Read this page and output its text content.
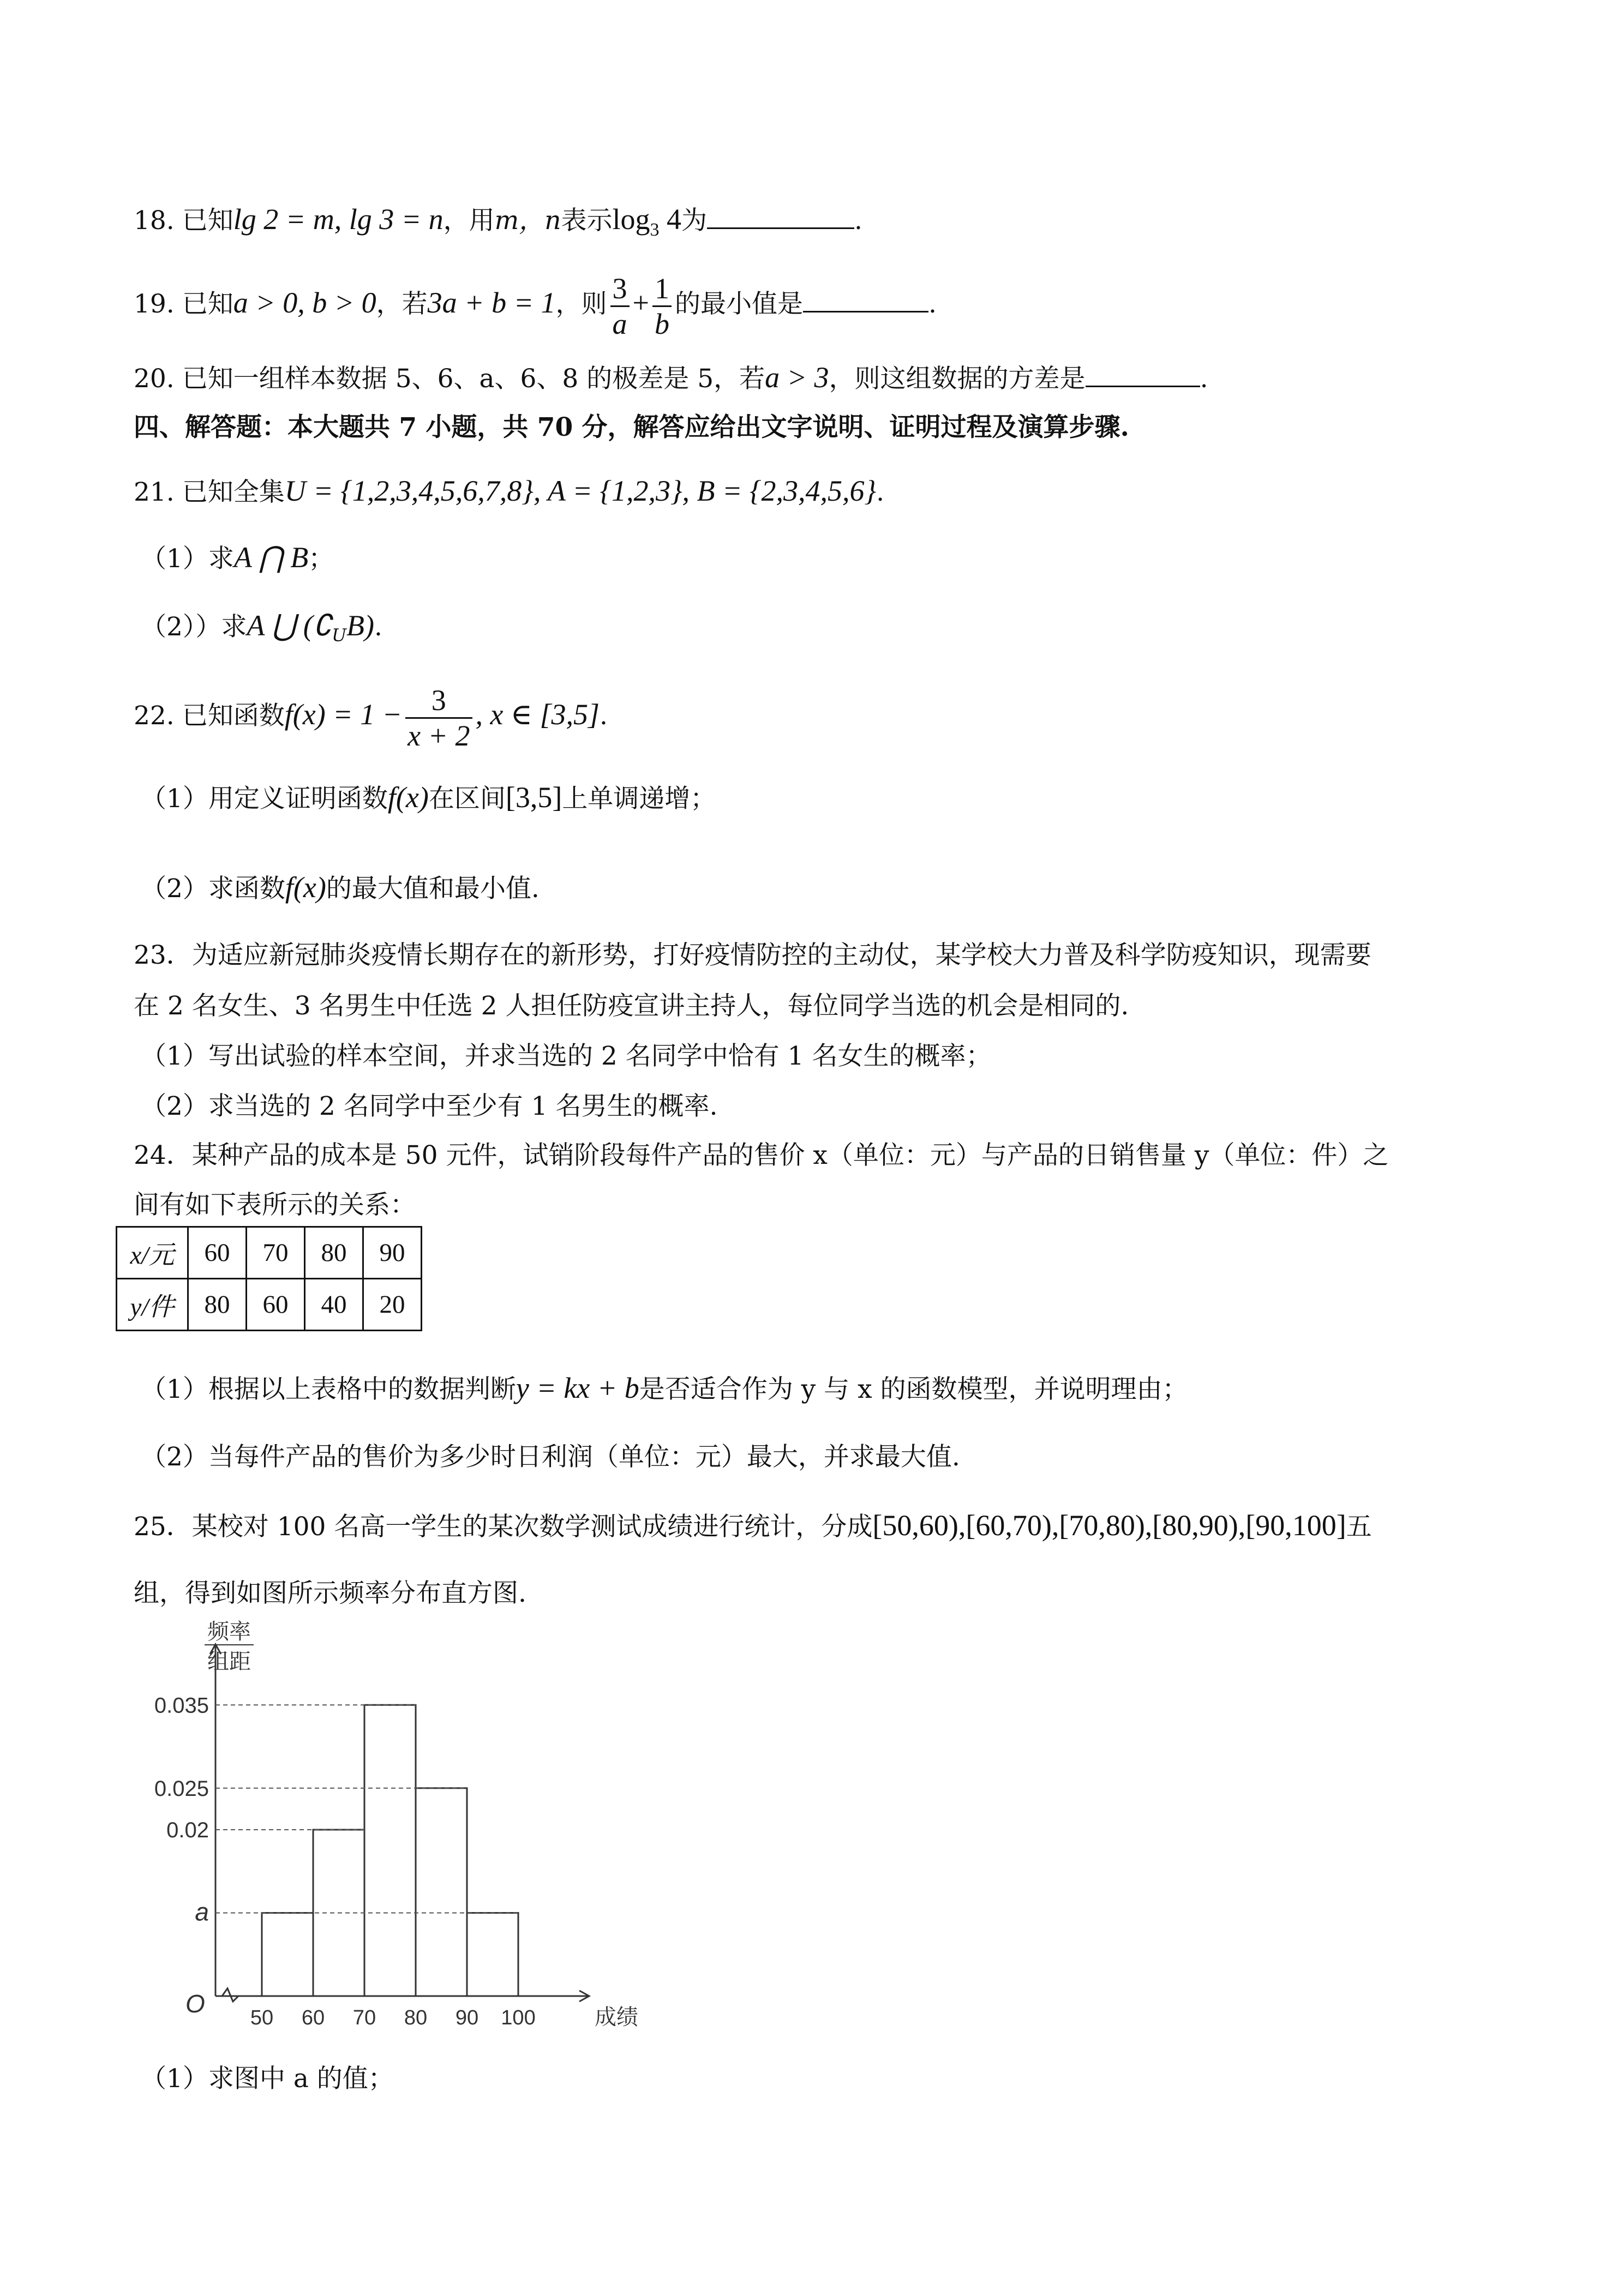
18. 已知lg 2 = m, lg 3 = n，用m，n表示$\log_3 4$为	.
19. 已知a > 0, b > 0，若3a + b = 1，则 $\frac{3}{a} + \frac{1}{b}$ 的最小值是	.
20. 已知一组样本数据 5、6、a、6、8 的极差是 5，若a > 3，则这组数据的方差是	.
四、解答题：本大题共 7 小题，共 70 分，解答应给出文字说明、证明过程及演算步骤.
21. 已知全集U = {1,2,3,4,5,6,7,8}, A = {1,2,3}, B = {2,3,4,5,6}.
（1）求A ⋂ B；
（2））求A ⋃ $(∁_UB)$.
22. 已知函数$f(x) = 1 - \frac{3}{x + 2}$ , x ∈ [3,5].
（1）用定义证明函数f(x)在区间[3,5]上单调递增；
（2）求函数f(x)的最大值和最小值.
23．为适应新冠肺炎疫情长期存在的新形势，打好疫情防控的主动仗，某学校大力普及科学防疫知识，现需要
在 2 名女生、3 名男生中任选 2 人担任防疫宣讲主持人，每位同学当选的机会是相同的.
（1）写出试验的样本空间，并求当选的 2 名同学中恰有 1 名女生的概率；
（2）求当选的 2 名同学中至少有 1 名男生的概率.
24．某种产品的成本是 50 元件，试销阶段每件产品的售价 x（单位：元）与产品的日销售量 y（单位：件）之
间有如下表所示的关系：
x/元	60	70	80	90
y/件	80	60	40	20
（1）根据以上表格中的数据判断y = kx + b是否适合作为 y 与 x 的函数模型，并说明理由；
（2）当每件产品的售价为多少时日利润（单位：元）最大，并求最大值.
25．某校对 100 名高一学生的某次数学测试成绩进行统计，分成[50,60),[60,70),[70,80),[80,90),[90,100]五
组，得到如图所示频率分布直方图.
频率
组距
0.035
0.025
0.02
a
50 60 70 80 90 100	成绩
O
（1）求图中 a 的值；
